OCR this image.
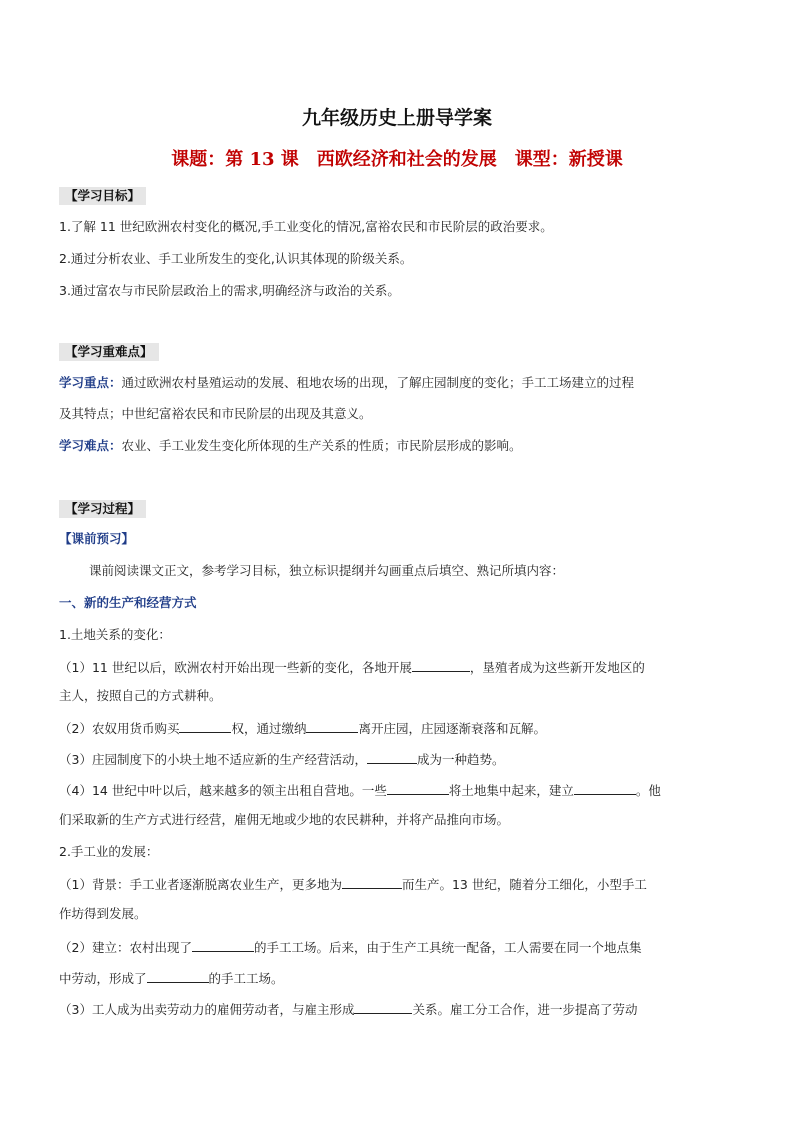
九年级历史上册导学案
课题：第 13 课　西欧经济和社会的发展　课型：新授课
【学习目标】
1.了解 11 世纪欧洲农村变化的概况,手工业变化的情况,富裕农民和市民阶层的政治要求。
2.通过分析农业、手工业所发生的变化,认识其体现的阶级关系。
3.通过富农与市民阶层政治上的需求,明确经济与政治的关系。
【学习重难点】
学习重点：通过欧洲农村垦殖运动的发展、租地农场的出现，了解庄园制度的变化；手工工场建立的过程
及其特点；中世纪富裕农民和市民阶层的出现及其意义。
学习难点：农业、手工业发生变化所体现的生产关系的性质；市民阶层形成的影响。
【学习过程】
【课前预习】
课前阅读课文正文，参考学习目标，独立标识提纲并勾画重点后填空、熟记所填内容：
一、新的生产和经营方式
1.土地关系的变化：
（1）11 世纪以后，欧洲农村开始出现一些新的变化，各地开展	，垦殖者成为这些新开发地区的
主人，按照自己的方式耕种。
（2）农奴用货币购买	权，通过缴纳	离开庄园，庄园逐渐衰落和瓦解。
（3）庄园制度下的小块土地不适应新的生产经营活动，	成为一种趋势。
（4）14 世纪中叶以后，越来越多的领主出租自营地。一些	将土地集中起来，建立	。他
们采取新的生产方式进行经营，雇佣无地或少地的农民耕种，并将产品推向市场。
2.手工业的发展：
（1）背景：手工业者逐渐脱离农业生产，更多地为	而生产。13 世纪，随着分工细化，小型手工
作坊得到发展。
（2）建立：农村出现了	的手工工场。后来，由于生产工具统一配备，工人需要在同一个地点集
中劳动，形成了	的手工工场。
（3）工人成为出卖劳动力的雇佣劳动者，与雇主形成	关系。雇工分工合作，进一步提高了劳动
